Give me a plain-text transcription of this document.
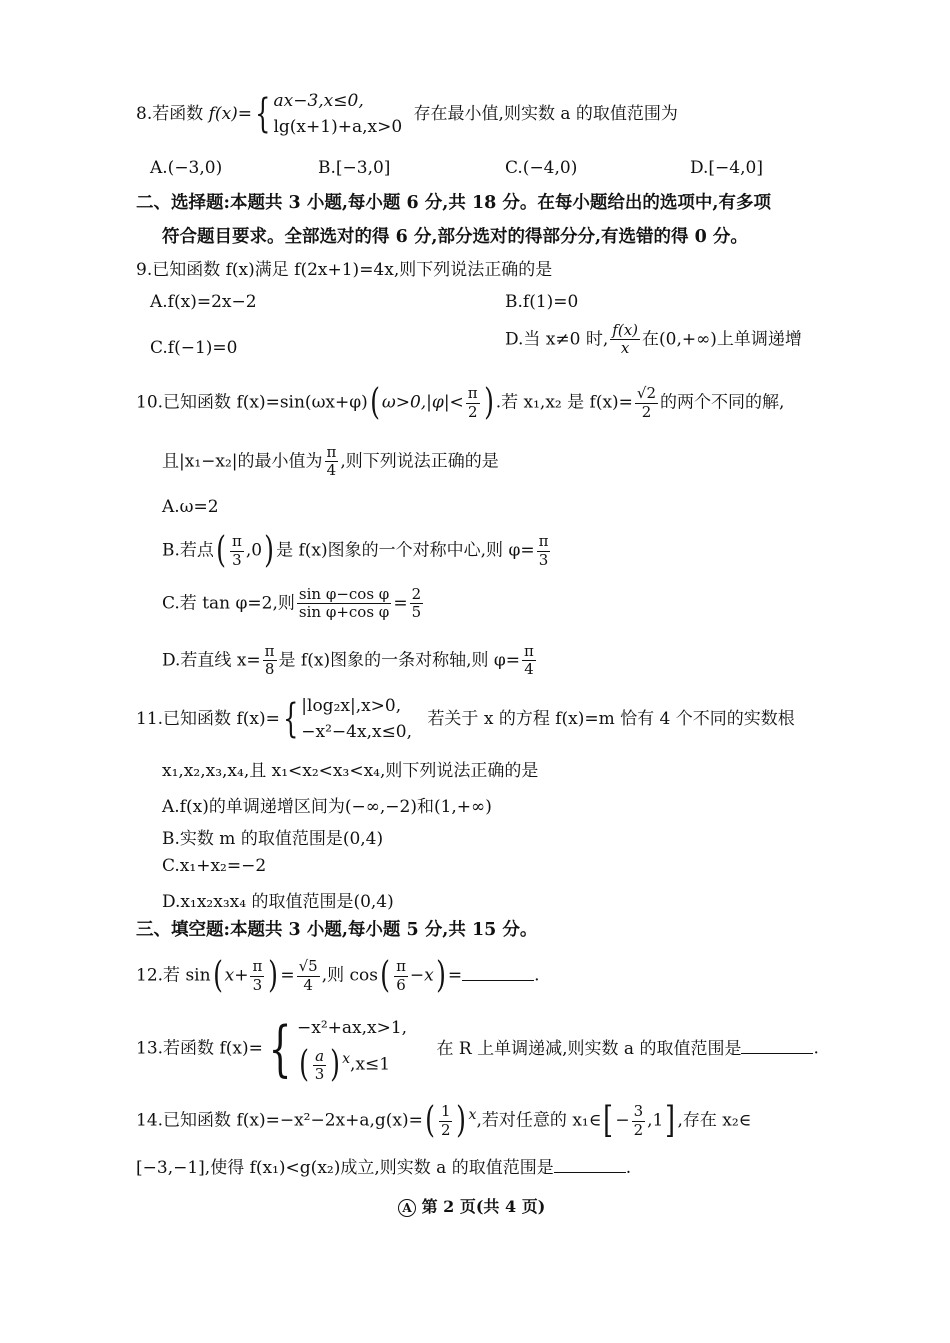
8.若函数 f(x)={ ax−3,x≤0,
lg(x+1)+a,x>0
存在最小值,则实数 a 的取值范围为
A.(−3,0)	B.[−3,0]	C.(−4,0)	D.[−4,0]
二、选择题:本题共 3 小题,每小题 6 分,共 18 分。在每小题给出的选项中,有多项
符合题目要求。全部选对的得 6 分,部分选对的得部分分,有选错的得 0 分。
9.已知函数 f(x)满足 f(2x+1)=4x,则下列说法正确的是
A.f(x)=2x−2	B.f(1)=0
C.f(−1)=0	D.当 x≠0 时, $\frac{f(x)}{x}$ 在(0,+∞)上单调递增
10.已知函数 f(x)=sin(ωx+φ)( $\omega>0,|\varphi|< \frac{\pi}{2}$ ) .若 x₁,x₂ 是 $f(x)= \frac{√2}{2}$ 的两个不同的解,
且|x₁−x₂|的最小值为 $\frac{\pi}{4}$ ,则下列说法正确的是
A.ω=2
B.若点( $\frac{\pi}{3} ,0$) 是 f(x)图象的一个对称中心,则 $\varphi= \frac{\pi}{3}$
C.若 tan φ=2,则 $\frac{\text{sin φ−cos φ}}{\text{sin φ+cos φ}} = \frac{2}{5}$
D.若直线 $x= \frac{\pi}{8}$ 是 f(x)图象的一条对称轴,则 $\varphi= \frac{\pi}{4}$
11.已知函数 f(x)={ |log₂x|,x>0,
−x²−4x,x≤0,
若关于 x 的方程 f(x)=m 恰有 4 个不同的实数根
x₁,x₂,x₃,x₄,且 x₁<x₂<x₃<x₄,则下列说法正确的是
A.f(x)的单调递增区间为(−∞,−2)和(1,+∞)
B.实数 m 的取值范围是(0,4)
C.x₁+x₂=−2
D.x₁x₂x₃x₄ 的取值范围是(0,4)
三、填空题:本题共 3 小题,每小题 5 分,共 15 分。
12.若 sin( $x+ \frac{\pi}{3}$ ) = $\frac{√5}{4}$ ,则 $\cos( \frac{\pi}{6} -x)$ =	.
13.若函数 f(x)={ −x²+ax,x>1,
( $\frac{a}{3}$ ) $^x$,x≤1
在 R 上单调递减,则实数 a 的取值范围是	.
14.已知函数 $f(x)=-x^2-2x+a,g(x)=( \frac{1}{2}$ ) $^x$,若对任意的 x₁∈[ − $\frac{3}{2} ,1$] ,存在 x₂∈
[−3,−1],使得 f(x₁)<g(x₂)成立,则实数 a 的取值范围是	.
A 第 2 页(共 4 页)
